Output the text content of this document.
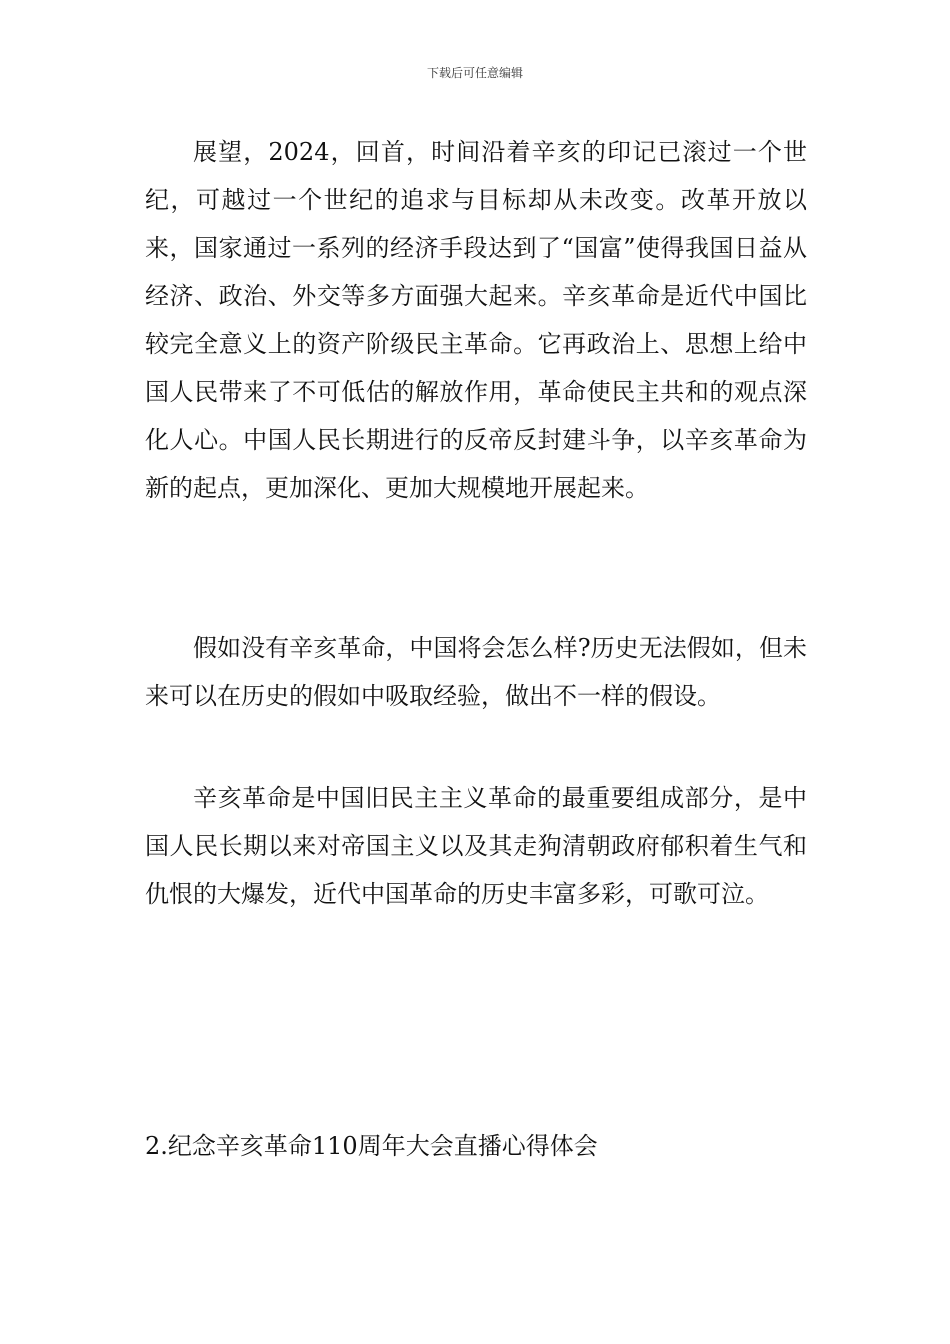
下载后可任意编辑

展望，2024，回首，时间沿着辛亥的印记已滚过一个世纪，可越过一个世纪的追求与目标却从未改变。改革开放以来，国家通过一系列的经济手段达到了“国富”使得我国日益从经济、政治、外交等多方面强大起来。辛亥革命是近代中国比较完全意义上的资产阶级民主革命。它再政治上、思想上给中国人民带来了不可低估的解放作用，革命使民主共和的观点深化人心。中国人民长期进行的反帝反封建斗争，以辛亥革命为新的起点，更加深化、更加大规模地开展起来。

假如没有辛亥革命，中国将会怎么样?历史无法假如，但未来可以在历史的假如中吸取经验，做出不一样的假设。

辛亥革命是中国旧民主主义革命的最重要组成部分，是中国人民长期以来对帝国主义以及其走狗清朝政府郁积着生气和仇恨的大爆发，近代中国革命的历史丰富多彩，可歌可泣。

2.纪念辛亥革命110周年大会直播心得体会
